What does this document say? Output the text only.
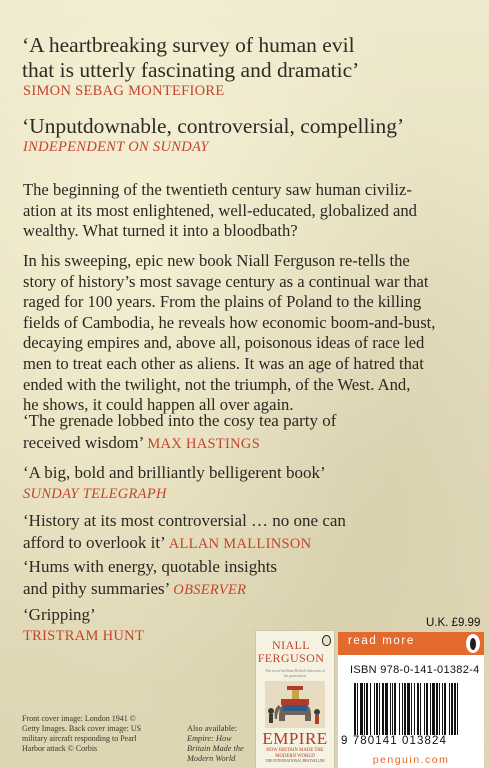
‘A heartbreaking survey of human evil
that is utterly fascinating and dramatic’
SIMON SEBAG MONTEFIORE
‘Unputdownable, controversial, compelling’
INDEPENDENT ON SUNDAY
The beginning of the twentieth century saw human civiliz-
ation at its most enlightened, well-educated, globalized and
wealthy. What turned it into a bloodbath?
In his sweeping, epic new book Niall Ferguson re-tells the
story of history’s most savage century as a continual war that
raged for 100 years. From the plains of Poland to the killing
fields of Cambodia, he reveals how economic boom-and-bust,
decaying empires and, above all, poisonous ideas of race led
men to treat each other as aliens. It was an age of hatred that
ended with the twilight, not the triumph, of the West. And,
he shows, it could happen all over again.
‘The grenade lobbed into the cosy tea party of
received wisdom’ MAX HASTINGS
‘A big, bold and brilliantly belligerent book’
SUNDAY TELEGRAPH
‘History at its most controversial … no one can
afford to overlook it’ ALLAN MALLINSON
‘Hums with energy, quotable insights
and pithy summaries’ OBSERVER
‘Gripping’
TRISTRAM HUNT
Front cover image: London 1941 © Getty Images. Back cover image: US military aircraft responding to Pearl Harbor attack © Corbis
Also available: Empire: How Britain Made the Modern World
NIALL
FERGUSON
The most brilliant British historian of his generation
EMPIRE
HOW BRITAIN MADE THE MODERN WORLD
THE INTERNATIONAL BESTSELLER
U.K. £9.99
read more
ISBN 978-0-141-01382-4
9 780141 013824
penguin.com
